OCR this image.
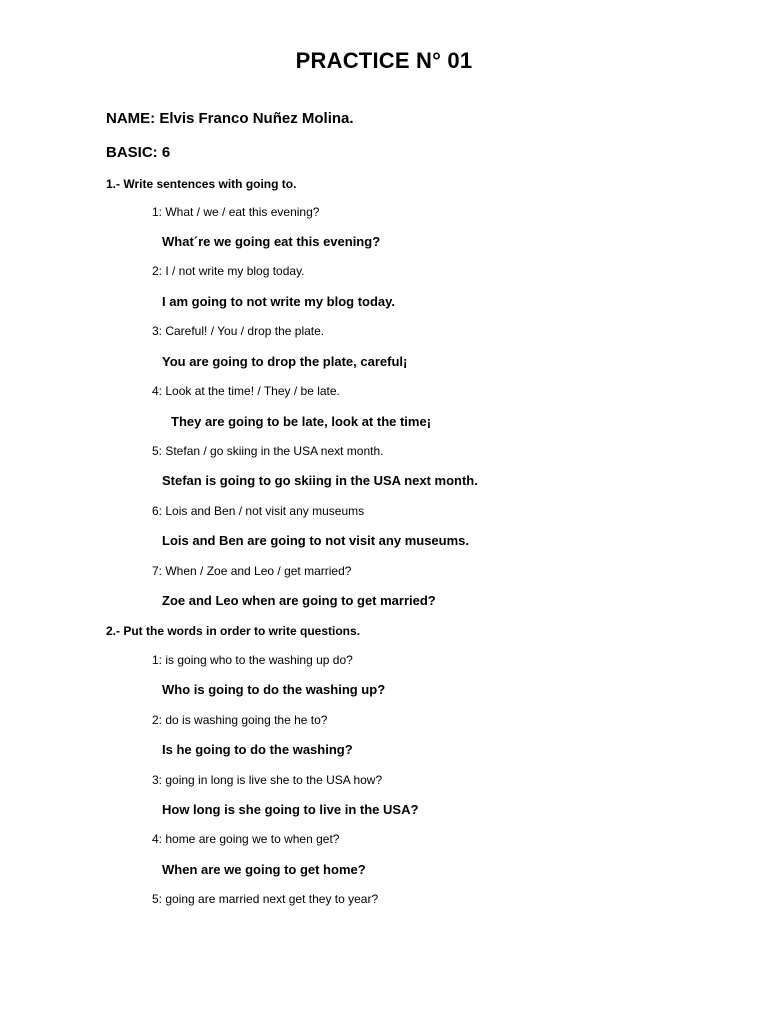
PRACTICE N° 01
NAME: Elvis Franco Nuñez Molina.
BASIC: 6
1.- Write sentences with going to.
1: What / we / eat this evening?
What´re we going eat this evening?
2: I / not write my blog today.
I am going to not write my blog today.
3: Careful! / You / drop the plate.
You are going to drop the plate, careful¡
4: Look at the time! / They / be late.
They are going to be late, look at the time¡
5: Stefan / go skiing in the USA next month.
Stefan is going to go skiing in the USA next month.
6: Lois and Ben / not visit any museums
Lois and Ben are going to not visit any museums.
7: When / Zoe and Leo / get married?
Zoe and Leo when are going to get married?
2.- Put the words in order to write questions.
1: is going who to the washing up do?
Who is going to do the washing up?
2: do is washing going the he to?
Is he going to do the washing?
3: going in long is live she to the USA how?
How long is she going to live in the USA?
4: home are going we to when get?
When are we going to get home?
5: going are married next get they to year?
